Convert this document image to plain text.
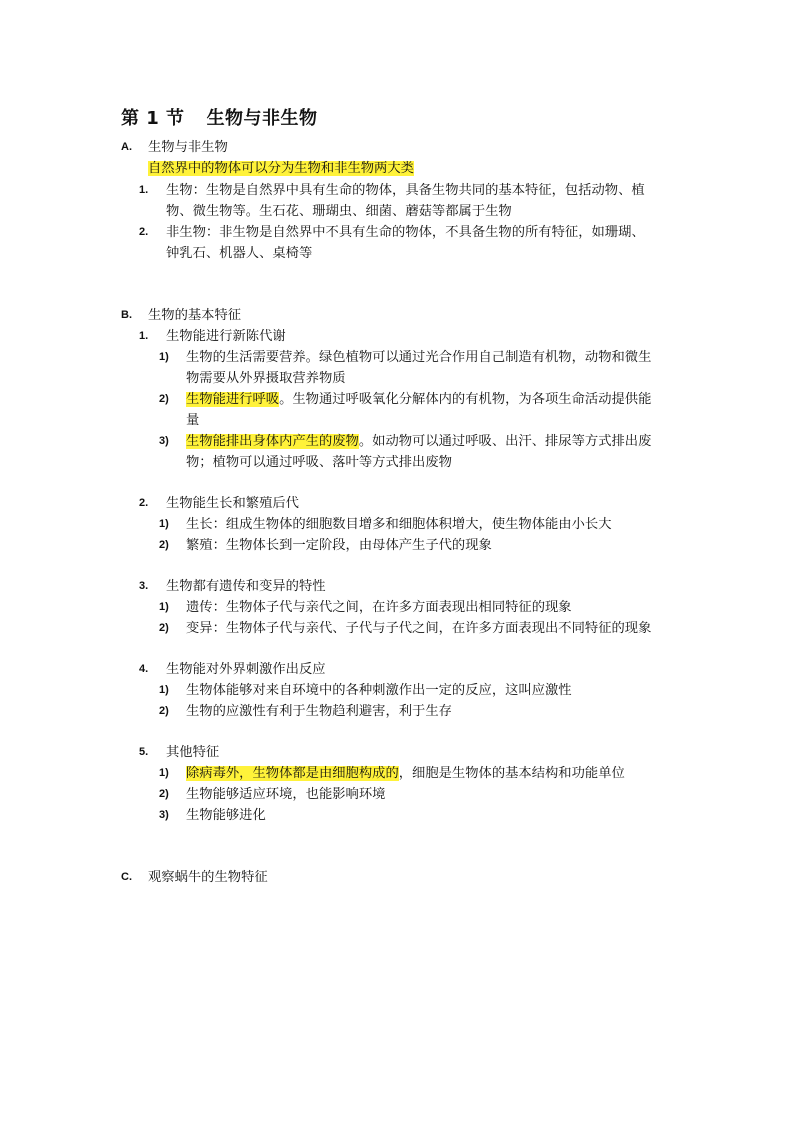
第 1 节 生物与非生物
A. 生物与非生物
自然界中的物体可以分为生物和非生物两大类
1. 生物：生物是自然界中具有生命的物体，具备生物共同的基本特征，包括动物、植
物、微生物等。生石花、珊瑚虫、细菌、蘑菇等都属于生物
2. 非生物：非生物是自然界中不具有生命的物体，不具备生物的所有特征，如珊瑚、
钟乳石、机器人、桌椅等
B. 生物的基本特征
1. 生物能进行新陈代谢
1) 生物的生活需要营养。绿色植物可以通过光合作用自己制造有机物，动物和微生
物需要从外界摄取营养物质
2) 生物能进行呼吸。生物通过呼吸氧化分解体内的有机物，为各项生命活动提供能
量
3) 生物能排出身体内产生的废物。如动物可以通过呼吸、出汗、排尿等方式排出废
物；植物可以通过呼吸、落叶等方式排出废物
2. 生物能生长和繁殖后代
1) 生长：组成生物体的细胞数目增多和细胞体积增大，使生物体能由小长大
2) 繁殖：生物体长到一定阶段，由母体产生子代的现象
3. 生物都有遗传和变异的特性
1) 遗传：生物体子代与亲代之间，在许多方面表现出相同特征的现象
2) 变异：生物体子代与亲代、子代与子代之间，在许多方面表现出不同特征的现象
4. 生物能对外界刺激作出反应
1) 生物体能够对来自环境中的各种刺激作出一定的反应，这叫应激性
2) 生物的应激性有利于生物趋利避害，利于生存
5. 其他特征
1) 除病毒外，生物体都是由细胞构成的，细胞是生物体的基本结构和功能单位
2) 生物能够适应环境，也能影响环境
3) 生物能够进化
C. 观察蜗牛的生物特征
